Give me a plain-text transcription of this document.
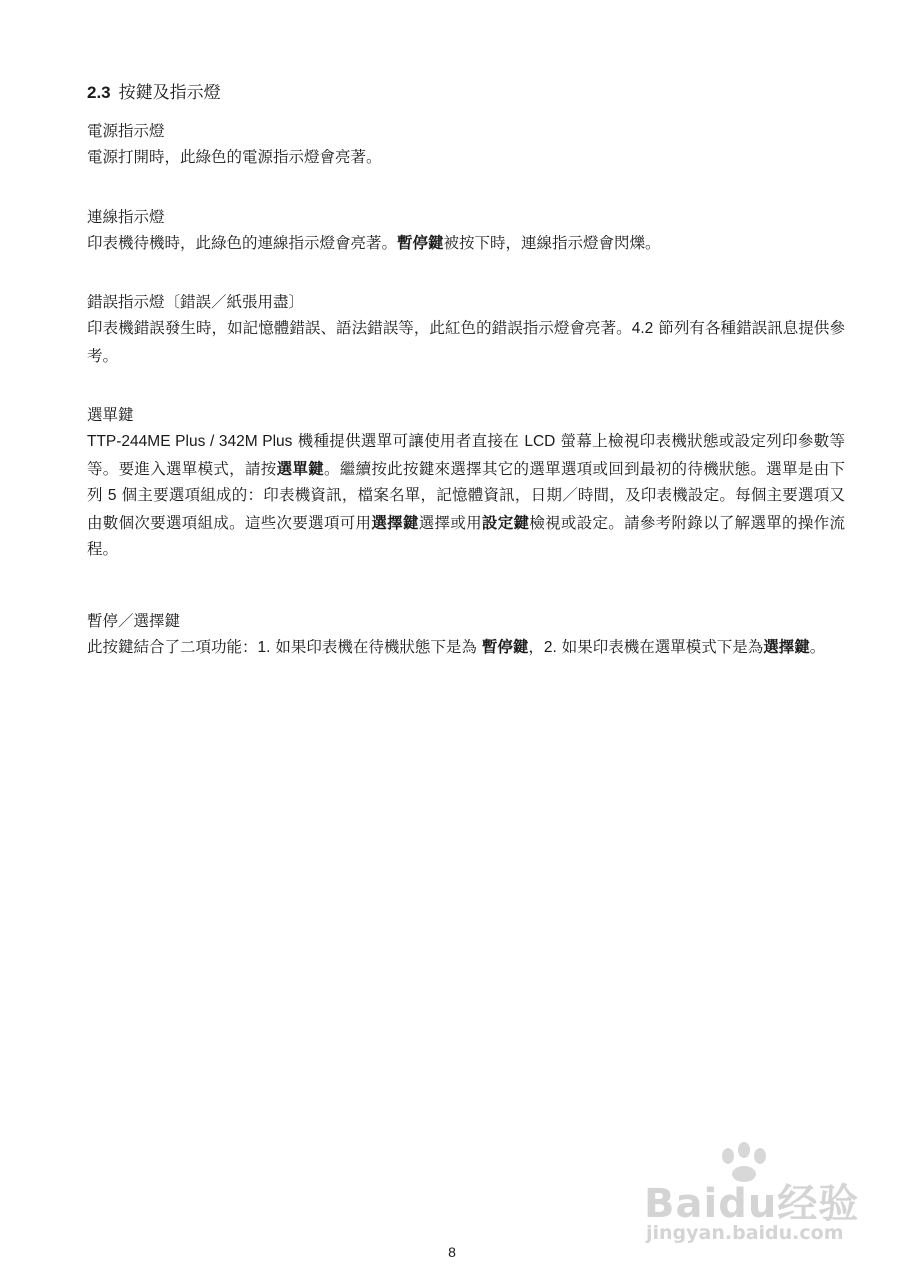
2.3 按鍵及指示燈

電源指示燈

電源打開時，此綠色的電源指示燈會亮著。

連線指示燈

印表機待機時，此綠色的連線指示燈會亮著。暫停鍵被按下時，連線指示燈會閃爍。

錯誤指示燈〔錯誤／紙張用盡〕

印表機錯誤發生時，如記憶體錯誤、語法錯誤等，此紅色的錯誤指示燈會亮著。4.2 節列有各種錯誤訊息提供參考。

選單鍵

TTP-244ME Plus / 342M Plus 機種提供選單可讓使用者直接在 LCD 螢幕上檢視印表機狀態或設定列印參數等等。要進入選單模式，請按選單鍵。繼續按此按鍵來選擇其它的選單選項或回到最初的待機狀態。選單是由下列 5 個主要選項組成的：印表機資訊，檔案名單，記憶體資訊，日期／時間，及印表機設定。每個主要選項又由數個次要選項組成。這些次要選項可用選擇鍵選擇或用設定鍵檢視或設定。請參考附錄以了解選單的操作流程。

暫停／選擇鍵

此按鍵結合了二項功能：1. 如果印表機在待機狀態下是為 暫停鍵，2. 如果印表機在選單模式下是為選擇鍵。

Baidu经验
jingyan.baidu.com
8
